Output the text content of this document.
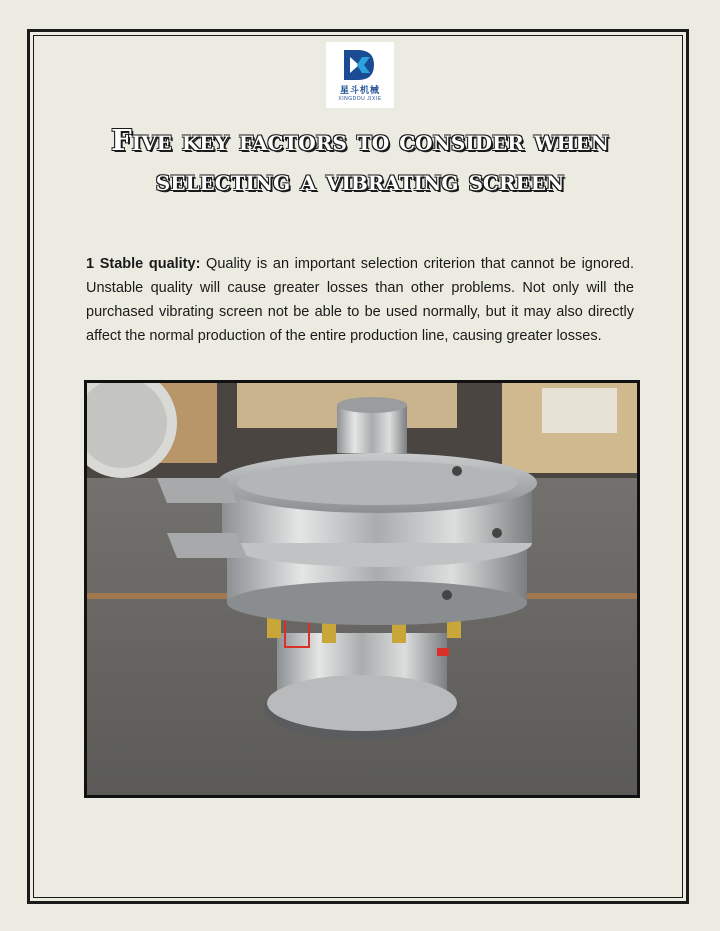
星斗机械
XINGDOU JIXIE
Five key factors to consider when selecting a vibrating screen

1 Stable quality: Quality is an important selection criterion that cannot be ignored. Unstable quality will cause greater losses than other problems. Not only will the purchased vibrating screen not be able to be used normally, but it may also directly affect the normal production of the entire production line, causing greater losses.
